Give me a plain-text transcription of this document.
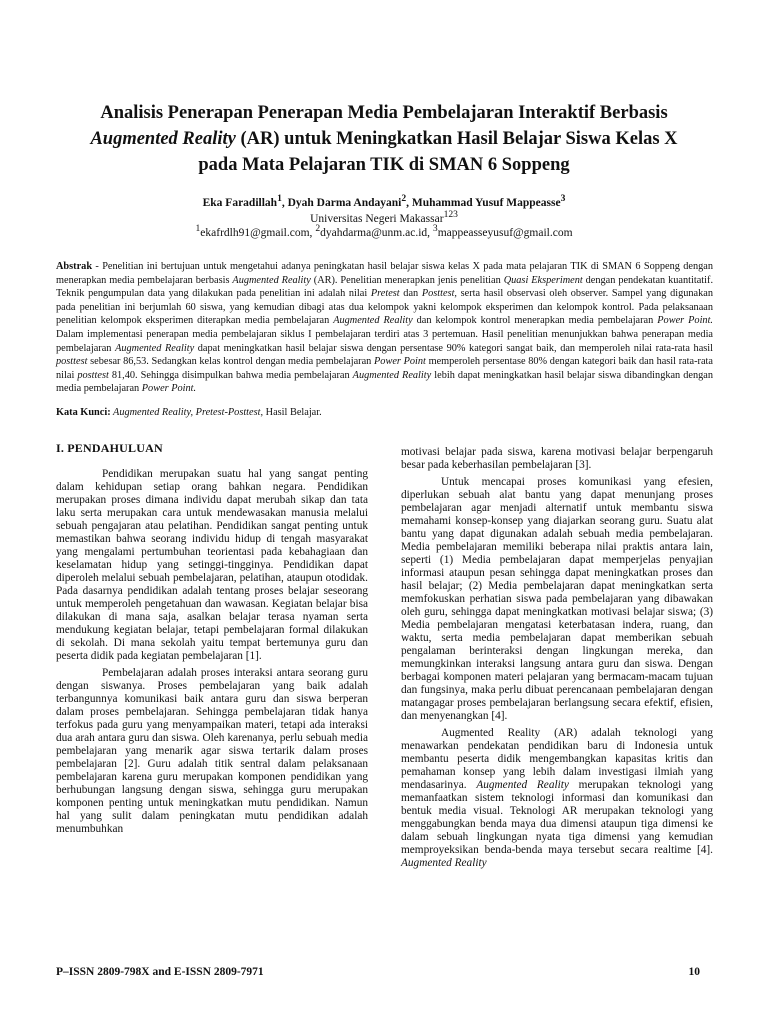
Analisis Penerapan Penerapan Media Pembelajaran Interaktif Berbasis
Augmented Reality (AR) untuk Meningkatkan Hasil Belajar Siswa Kelas X
pada Mata Pelajaran TIK di SMAN 6 Soppeng
Eka Faradillah$^1$, Dyah Darma Andayani$^2$, Muhammad Yusuf Mappeasse$^3$
Universitas Negeri Makassar$^{123}$
$^1$ekafrdlh91@gmail.com, $^2$dyahdarma@unm.ac.id, $^3$mappeasseyusuf@gmail.com
Abstrak - Penelitian ini bertujuan untuk mengetahui adanya peningkatan hasil belajar siswa kelas X pada mata pelajaran TIK di SMAN 6 Soppeng dengan menerapkan media pembelajaran berbasis Augmented Reality (AR). Penelitian menerapkan jenis penelitian Quasi Eksperiment dengan pendekatan kuantitatif. Teknik pengumpulan data yang dilakukan pada penelitian ini adalah nilai Pretest dan Posttest, serta hasil observasi oleh observer. Sampel yang digunakan pada penelitian ini berjumlah 60 siswa, yang kemudian dibagi atas dua kelompok yakni kelompok eksperimen dan kelompok kontrol. Pada pelaksanaan penelitian kelompok eksperimen diterapkan media pembelajaran Augmented Reality dan kelompok kontrol menerapkan media pembelajaran Power Point. Dalam implementasi penerapan media pembelajaran siklus I pembelajaran terdiri atas 3 pertemuan. Hasil penelitian menunjukkan bahwa penerapan media pembelajaran Augmented Reality dapat meningkatkan hasil belajar siswa dengan persentase 90% kategori sangat baik, dan memperoleh nilai rata-rata hasil posttest sebesar 86,53. Sedangkan kelas kontrol dengan media pembelajaran Power Point memperoleh persentase 80% dengan kategori baik dan hasil rata-rata nilai posttest 81,40. Sehingga disimpulkan bahwa media pembelajaran Augmented Reality lebih dapat meningkatkan hasil belajar siswa dibandingkan dengan media pembelajaran Power Point.
Kata Kunci: Augmented Reality, Pretest-Posttest, Hasil Belajar.
I. PENDAHULUAN

Pendidikan merupakan suatu hal yang sangat penting dalam kehidupan setiap orang bahkan negara. Pendidikan merupakan proses dimana individu dapat merubah sikap dan tata laku serta merupakan cara untuk mendewasakan manusia melalui sebuah pengajaran atau pelatihan. Pendidikan sangat penting untuk memastikan bahwa seorang individu hidup di tengah masyarakat yang mengalami pertumbuhan teorientasi pada kebahagiaan dan keselamatan hidup yang setinggi-tingginya. Pendidikan dapat diperoleh melalui sebuah pembelajaran, pelatihan, ataupun otodidak. Pada dasarnya pendidikan adalah tentang proses belajar seseorang untuk memperoleh pengetahuan dan wawasan. Kegiatan belajar bisa dilakukan di mana saja, asalkan belajar terasa nyaman serta mendukung kegiatan belajar, tetapi pembelajaran formal dilakukan di sekolah. Di mana sekolah yaitu tempat bertemunya guru dan peserta didik pada kegiatan pembelajaran [1].

Pembelajaran adalah proses interaksi antara seorang guru dengan siswanya. Proses pembelajaran yang baik adalah terbangunnya komunikasi baik antara guru dan siswa berperan dalam proses pembelajaran. Sehingga pembelajaran tidak hanya terfokus pada guru yang menyampaikan materi, tetapi ada interaksi dua arah antara guru dan siswa. Oleh karenanya, perlu sebuah media pembelajaran yang menarik agar siswa tertarik dalam proses pembelajaran [2]. Guru adalah titik sentral dalam pelaksanaan pembelajaran karena guru merupakan komponen pendidikan yang berhubungan langsung dengan siswa, sehingga guru merupakan komponen penting untuk meningkatkan mutu pendidikan. Namun hal yang sulit dalam peningkatan mutu pendidikan adalah menumbuhkan

motivasi belajar pada siswa, karena motivasi belajar berpengaruh besar pada keberhasilan pembelajaran [3].

Untuk mencapai proses komunikasi yang efesien, diperlukan sebuah alat bantu yang dapat menunjang proses pembelajaran agar menjadi alternatif untuk membantu siswa memahami konsep-konsep yang diajarkan seorang guru. Suatu alat bantu yang dapat digunakan adalah sebuah media pembelajaran. Media pembelajaran memiliki beberapa nilai praktis antara lain, seperti (1) Media pembelajaran dapat memperjelas penyajian informasi ataupun pesan sehingga dapat meningkatkan proses dan hasil belajar; (2) Media pembelajaran dapat meningkatkan serta memfokuskan perhatian siswa pada pembelajaran yang dibawakan oleh guru, sehingga dapat meningkatkan motivasi belajar siswa; (3) Media pembelajaran mengatasi keterbatasan indera, ruang, dan waktu, serta media pembelajaran dapat memberikan sebuah pengalaman berinteraksi dengan lingkungan mereka, dan memungkinkan interaksi langsung antara guru dan siswa. Dengan berbagai komponen materi pelajaran yang bermacam-macam tujuan dan fungsinya, maka perlu dibuat perencanaan pembelajaran dengan matangagar proses pembelajaran berlangsung secara efektif, efisien, dan menyenangkan [4].

Augmented Reality (AR) adalah teknologi yang menawarkan pendekatan pendidikan baru di Indonesia untuk membantu peserta didik mengembangkan kapasitas kritis dan pemahaman konsep yang lebih dalam investigasi ilmiah yang mendasarinya. Augmented Reality merupakan teknologi yang memanfaatkan sistem teknologi informasi dan komunikasi dan bentuk media visual. Teknologi AR merupakan teknologi yang menggabungkan benda maya dua dimensi ataupun tiga dimensi ke dalam sebuah lingkungan nyata tiga dimensi yang kemudian memproyeksikan benda-benda maya tersebut secara realtime [4]. Augmented Reality

P–ISSN 2809-798X and E-ISSN 2809-7971	10
